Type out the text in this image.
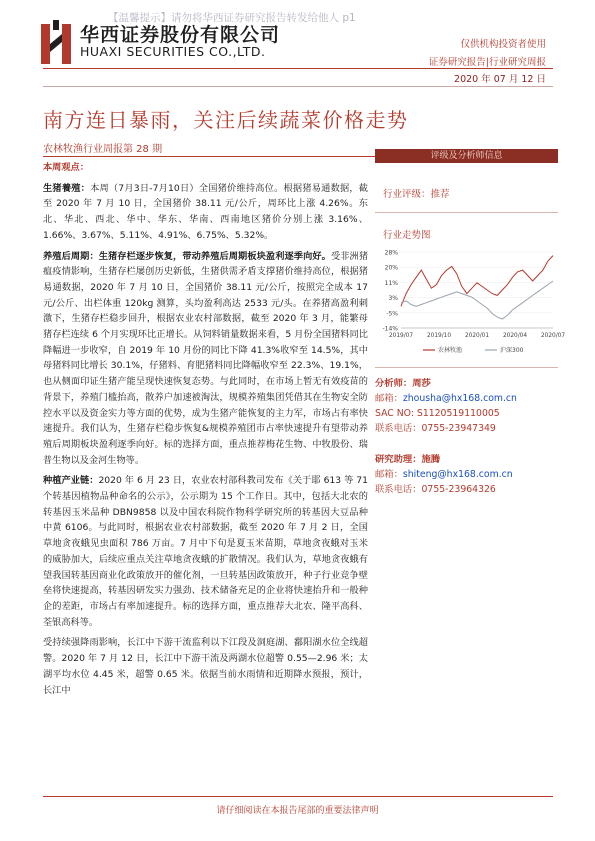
【温馨提示】请勿将华西证券研究报告转发给他人 p1
华西证券股份有限公司
HUAXI SECURITIES CO.,LTD.	仅供机构投资者使用
证券研究报告|行业研究周报
2020 年 07 月 12 日
南方连日暴雨，关注后续蔬菜价格走势
农林牧渔行业周报第 28 期

本周观点：

生猪養殖：本周（7月3日-7月10日）全国猪价维持高位。根据猪易通数据，截至 2020 年 7 月 10 日，全国猪价 38.11 元/公斤，周环比上涨 4.26%。东北、华北、西北、华中、华东、华南、西南地区猪价分别上涨 3.16%、1.66%、3.67%、5.11%、4.91%、6.75%、5.32%。

养殖后周期：生猪存栏逐步恢复，带动养殖后周期板块盈利逐季向好。受非洲猪瘟疫情影响，生猪存栏屡创历史新低，生猪供需矛盾支撑猪价维持高位，根据猪易通数据，2020 年 7 月 10 日，全国猪价 38.11 元/公斤，按照完全成本 17 元/公斤、出栏体重 120kg 测算，头均盈利高达 2533 元/头。在养猪高盈利刺激下，生猪存栏稳步回升，根据农业农村部数据，截至 2020 年 3 月，能繁母猪存栏连续 6 个月实现环比正增长。从饲料销量数据来看，5 月份全国猪料同比降幅进一步收窄，自 2019 年 10 月份的同比下降 41.3%收窄至 14.5%，其中母猪料同比增长 30.1%，仔猪料、育肥猪料同比降幅收窄至 22.3%、19.1%，也从侧面印证生猪产能呈现快速恢复态势。与此同时，在市场上暂无有效疫苗的背景下，养殖门槛抬高，散养户加速被淘汰，规模养殖集团凭借其在生物安全防控水平以及资金实力等方面的优势，成为生猪产能恢复的主力军，市场占有率快速提升。我们认为，生猪存栏稳步恢复&规模养殖团市占率快速提升有望带动养殖后周期板块盈利逐季向好。标的选择方面，重点推荐梅花生物、中牧股份、瑞普生物以及金河生物等。

种植产业链：2020 年 6 月 23 日，农业农村部科教司发布《关于耶 613 等 71 个转基因植物品种命名的公示》，公示期为 15 个工作日。其中，包括大北农的转基因玉米品种 DBN9858 以及中国农科院作物科学研究所的转基因大豆品种中黄 6106。与此同时，根据农业农村部数据，截至 2020 年 7 月 2 日，全国草地贪夜蛾见虫面积 786 万亩。7 月中下旬是夏玉米苗期，草地贪夜蛾对玉米的威胁加大，后续应重点关注草地贪夜蛾的扩散情况。我们认为，草地贪夜蛾有望我国转基因商业化政策放开的催化剂，一旦转基因政策放开，种子行业竞争壁垒将快速提高，转基因研发实力强劲、技术储备充足的企业将快速抬升和一般种企的差距，市场占有率加速提升。标的选择方面，重点推荐大北农、隆平高科、荃银高科等。

受持续强降雨影响，长江中下游干流监利以下江段及洞庭湖、鄱阳湖水位全线超警。2020 年 7 月 12 日，长江中下游干流及两湖水位超警 0.55—2.96 米；太湖平均水位 4.45 米，超警 0.65 米。依据当前水雨情和近期降水预报，预计，长江中

评级及分析师信息
行业评级：推荐
行业走势图
28%
20%
11%
3%
-5%
-14%
2019/07 2019/10 2020/01 2020/04 2020/07
农林牧渔	沪深300
分析师：周莎
邮箱：zhousha@hx168.com.cn
SAC NO: S1120519110005
联系电话：0755-23947349
研究助理：施腾
邮箱：shiteng@hx168.com.cn
联系电话：0755-23964326
请仔细阅读在本报告尾部的重要法律声明
